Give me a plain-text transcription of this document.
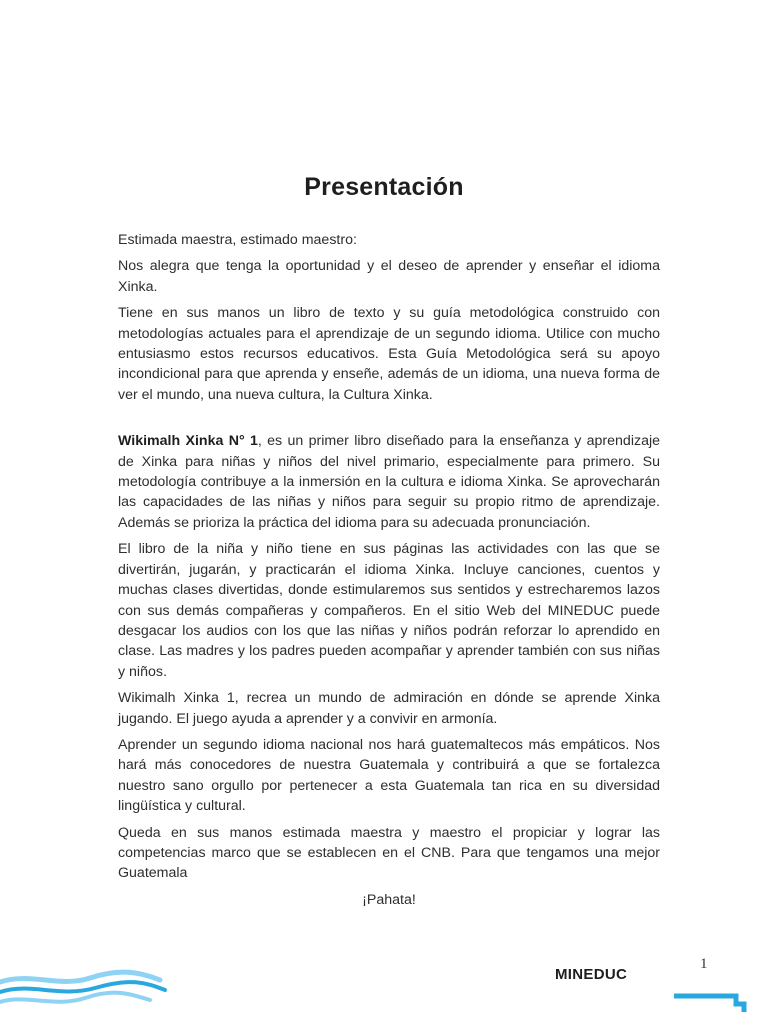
Presentación

Estimada maestra, estimado maestro:

Nos alegra que tenga la oportunidad y el deseo de aprender y enseñar el idioma Xinka.

Tiene en sus manos un libro de texto y su guía metodológica construido con metodologías actuales para el aprendizaje de un segundo idioma. Utilice con mucho entusiasmo estos recursos educativos. Esta Guía Metodológica será su apoyo incondicional para que aprenda y enseñe, además de un idioma, una nueva forma de ver el mundo, una nueva cultura, la Cultura Xinka.

Wikimalh Xinka N° 1, es un primer libro diseñado para la enseñanza y aprendizaje de Xinka para niñas y niños del nivel primario, especialmente para primero. Su metodología contribuye a la inmersión en la cultura e idioma Xinka. Se aprovecharán las capacidades de las niñas y niños para seguir su propio ritmo de aprendizaje. Además se prioriza la práctica del idioma para su adecuada pronunciación.

El libro de la niña y niño tiene en sus páginas las actividades con las que se divertirán, jugarán, y practicarán el idioma Xinka. Incluye canciones, cuentos y muchas clases divertidas, donde estimularemos sus sentidos y estrecharemos lazos con sus demás compañeras y compañeros. En el sitio Web del MINEDUC puede desgacar los audios con los que las niñas y niños podrán reforzar lo aprendido en clase. Las madres y los padres pueden acompañar y aprender también con sus niñas y niños.

Wikimalh Xinka 1, recrea un mundo de admiración en dónde se aprende Xinka jugando. El juego ayuda a aprender y a convivir en armonía.

Aprender un segundo idioma nacional nos hará guatemaltecos más empáticos. Nos hará más conocedores de nuestra Guatemala y contribuirá a que se fortalezca nuestro sano orgullo por pertenecer a esta Guatemala tan rica en su diversidad lingüística y cultural.

Queda en sus manos estimada maestra y maestro el propiciar y lograr las competencias marco que se establecen en el CNB. Para que tengamos una mejor Guatemala

¡Pahata!

MINEDUC
1
